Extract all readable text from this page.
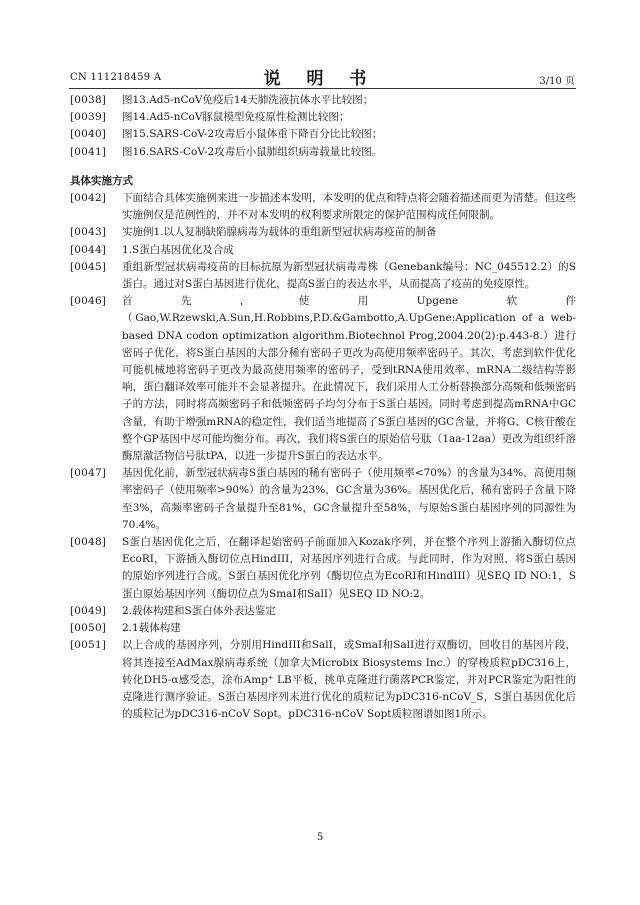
CN 111218459 A	说 明 书	3/10 页

[0038] 图13.Ad5-nCoV免疫后14天肺洗液抗体水平比较图；

[0039] 图14.Ad5-nCoV豚鼠模型免疫原性检测比较图；

[0040] 图15.SARS-CoV-2攻毒后小鼠体重下降百分比比较图；

[0041] 图16.SARS-CoV-2攻毒后小鼠肺组织病毒载量比较图。

具体实施方式

[0042] 下面结合具体实施例来进一步描述本发明，本发明的优点和特点将会随着描述而更为清楚。但这些实施例仅是范例性的，并不对本发明的权利要求所限定的保护范围构成任何限制。

[0043] 实施例1.以人复制缺陷腺病毒为载体的重组新型冠状病毒疫苗的制备

[0044] 1.S蛋白基因优化及合成

[0045] 重组新型冠状病毒疫苗的目标抗原为新型冠状病毒毒株（Genebank编号：NC_045512.2）的S蛋白。通过对S蛋白基因进行优化，提高S蛋白的表达水平，从而提高了疫苗的免疫原性。

[0046] 首先，使用Upgene软件（Gao,W.Rzewski,A.Sun,H.Robbins,P.D.&Gambotto,A.UpGene:Application of a web-based DNA codon optimization algorithm.Biotechnol Prog,2004.20(2):p.443-8.）进行密码子优化，将S蛋白基因的大部分稀有密码子更改为高使用频率密码子。其次，考虑到软件优化可能机械地将密码子更改为最高使用频率的密码子，受到tRNA使用效率、mRNA二级结构等影响，蛋白翻译效率可能并不会显著提升。在此情况下，我们采用人工分析替换部分高频和低频密码子的方法，同时将高频密码子和低频密码子均匀分布于S蛋白基因。同时考虑到提高mRNA中GC含量，有助于增强mRNA的稳定性，我们适当地提高了S蛋白基因的GC含量，并将G、C核苷酸在整个GP基因中尽可能均衡分布。再次，我们将S蛋白的原始信号肽（1aa-12aa）更改为组织纤溶酶原激活物信号肽tPA，以进一步提升S蛋白的表达水平。

[0047] 基因优化前，新型冠状病毒S蛋白基因的稀有密码子（使用频率<70%）的含量为34%，高使用频率密码子（使用频率>90%）的含量为23%，GC含量为36%。基因优化后，稀有密码子含量下降至3%，高频率密码子含量提升至81%，GC含量提升至58%，与原始S蛋白基因序列的同源性为70.4%。

[0048] S蛋白基因优化之后，在翻译起始密码子前面加入Kozak序列，并在整个序列上游插入酶切位点EcoRI，下游插入酶切位点HindIII，对基因序列进行合成。与此同时，作为对照，将S蛋白基因的原始序列进行合成。S蛋白基因优化序列（酶切位点为EcoRI和HindIII）见SEQ ID NO:1，S蛋白原始基因序列（酶切位点为SmaI和SalI）见SEQ ID NO:2。

[0049] 2.载体构建和S蛋白体外表达鉴定

[0050] 2.1载体构建

[0051] 以上合成的基因序列，分别用HindIII和SalI，或SmaI和SalI进行双酶切，回收目的基因片段，将其连接至AdMax腺病毒系统（加拿大Microbix Biosystems Inc.）的穿梭质粒pDC316上，转化DH5-α感受态，涂布Amp⁺ LB平板，挑单克隆进行菌落PCR鉴定，并对PCR鉴定为阳性的克隆进行测序验证。S蛋白基因序列未进行优化的质粒记为pDC316-nCoV_S，S蛋白基因优化后的质粒记为pDC316-nCoV Sopt。pDC316-nCoV Sopt质粒图谱如图1所示。

5
